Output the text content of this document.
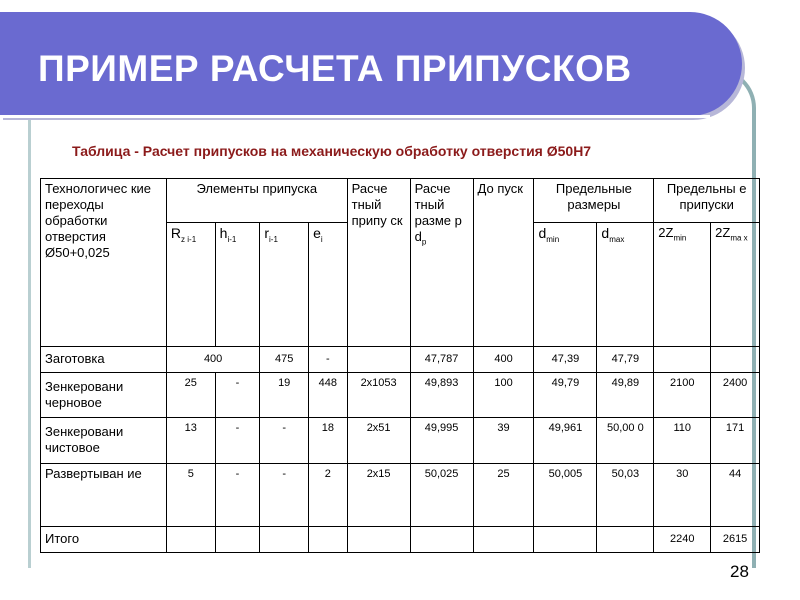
ПРИМЕР РАСЧЕТА ПРИПУСКОВ
Таблица - Расчет припусков на механическую обработку отверстия Ø50H7
Технологичес кие переходы обработки отверстия Ø50+0,025	Элементы припуска				Расче тный припу ск	Расче тный разме р $d_р$	До пуск	Предельные размеры		Предельны е припуски	
	$R_{z i-1}$	$h_{i-1}$	$r_{i-1}$	$e_i$				$d_{min}$	$d_{max}$	$2Z_{min}$	$2Z_{ma x}$
Заготовка	400		475	-		47,787	400	47,39	47,79		
Зенкеровани черновое	25	-	19	448	2x1053	49,893	100	49,79	49,89	2100	2400
Зенкеровани чистовое	13	-	-	18	2x51	49,995	39	49,961	50,00 0	110	171
Развертыван ие	5	-	-	2	2x15	50,025	25	50,005	50,03	30	44
Итого										2240	2615
28
